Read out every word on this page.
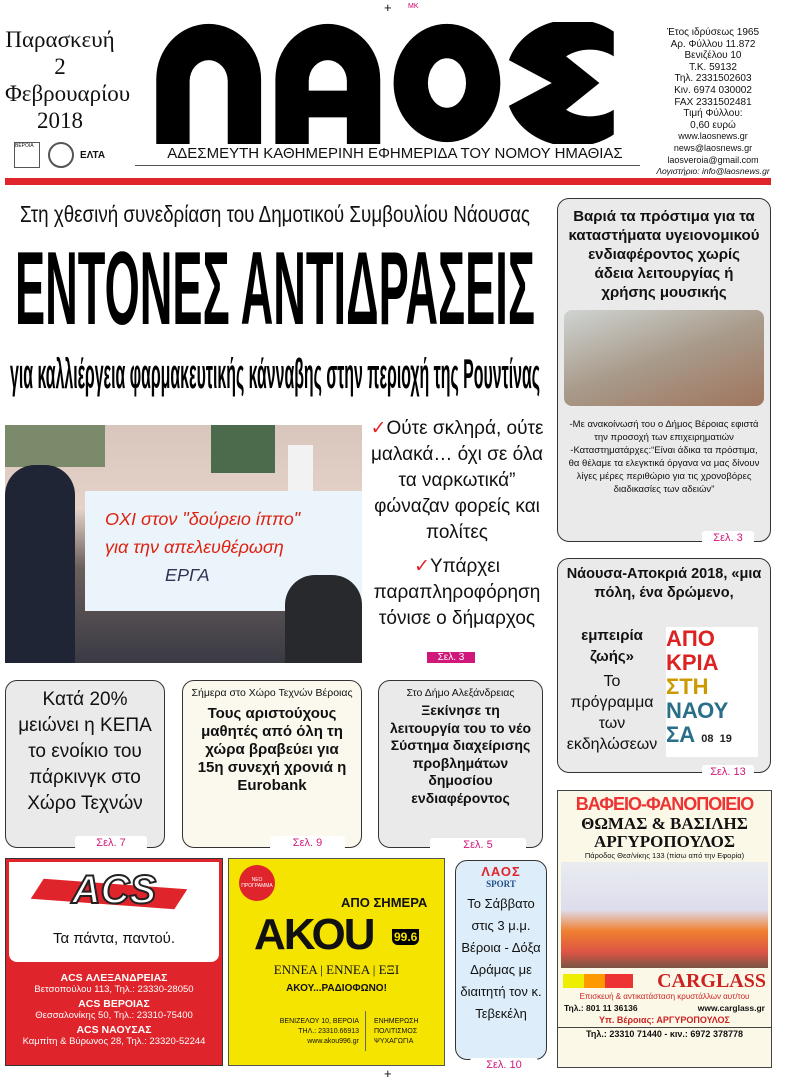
+ MK
Παρασκευή
2
Φεβρουαρίου
2018
ΒΕΡΟΙΑ
ΕΛΤΑ	ΑΔΕΣΜΕΥΤΗ ΚΑΘΗΜΕΡΙΝΗ ΕΦΗΜΕΡΙΔΑ ΤΟΥ ΝΟΜΟΥ ΗΜΑΘΙΑΣ
Έτος ιδρύσεως 1965
Αρ. Φύλλου 11.872
Βενιζέλου 10
Τ.Κ. 59132
Τηλ. 2331502603
Κιν. 6974 030002
FAX 2331502481
Τιμή Φύλλου:
0,60 ευρώ
www.laosnews.gr
news@laosnews.gr
laosveroia@gmail.com
Λογιστήριο: info@laosnews.gr
Στη χθεσινή συνεδρίαση του Δημοτικού Συμβουλίου Νάουσας
ΕΝΤΟΝΕΣ ΑΝΤΙΔΡΑΣΕΙΣ
για καλλιέργεια φαρμακευτικής κάνναβης στην περιοχή της Ρουντίνας
ΟΧΙ στον "δούρειο ίππο"
για την απελευθέρωση
ΕΡΓΑ
✓Ούτε σκληρά, ούτε μαλακά… όχι σε όλα τα ναρκωτικά” φώναζαν φορείς και πολίτες
✓Υπάρχει παραπληροφόρηση τόνισε ο δήμαρχος
Σελ. 3
Βαριά τα πρόστιμα για τα καταστήματα υγειονομικού ενδιαφέροντος χωρίς άδεια λειτουργίας ή χρήσης μουσικής
-Με ανακοίνωσή του ο Δήμος Βέροιας εφιστά την προσοχή των επιχειρηματιών
-Καταστηματάρχες:“Είναι άδικα τα πρόστιμα, θα θέλαμε τα ελεγκτικά όργανα να μας δίνουν λίγες μέρες περιθώριο για τις χρονοβόρες διαδικασίες των αδειών”
Σελ. 3
Νάουσα-Αποκριά 2018, «μια πόλη, ένα δρώμενο,
εμπειρία ζωής»
Το πρόγραμμα των εκδηλώσεων
ΑΠΟ
ΚΡΙΑ
ΣΤΗ
ΝΑΟΥ
ΣΑ 08 19
Σελ. 13
Κατά 20% μειώνει η ΚΕΠΑ το ενοίκιο του πάρκινγκ στο Χώρο Τεχνών
Σελ. 7
Σήμερα στο Χώρο Τεχνών Βέροιας
Τους αριστούχους μαθητές από όλη τη χώρα βραβεύει για 15η συνεχή χρονιά η Eurobank
Σελ. 9
Στο Δήμο Αλεξάνδρειας
Ξεκίνησε τη λειτουργία του το νέο Σύστημα διαχείρισης προβλημάτων δημοσίου ενδιαφέροντος
Σελ. 5
ACS
Τα πάντα, παντού.
ACS ΑΛΕΞΑΝΔΡΕΙΑΣ
Βετσοπούλου 113, Τηλ.: 23330-28050
ACS ΒΕΡΟΙΑΣ
Θεσσαλονίκης 50, Τηλ.: 23310-75400
ACS ΝΑΟΥΣΑΣ
Καμπίτη & Βύρωνος 28, Τηλ.: 23320-52244
ΝΕΟ ΠΡΟΓΡΑΜΜΑ
ΑΠΟ ΣΗΜΕΡΑ
ΑΚΟU 99.6
ΕΝΝΕΑ | ΕΝΝΕΑ | ΕΞΙ
ΑΚΟΥ...ΡΑΔΙΟΦΩΝΟ!
ΒΕΝΙΖΕΛΟΥ 10, ΒΕΡΟΙΑ
ΤΗΛ.: 23310.66913
www.akou996.gr
ΕΝΗΜΕΡΩΣΗ
ΠΟΛΙΤΙΣΜΟΣ
ΨΥΧΑΓΩΓΙΑ
+
ΛΑΟΣ
SPORT
Το Σάββατο στις 3 μ.μ. Βέροια - Δόξα Δράμας με διαιτητή τον κ. Τεβεκέλη
Σελ. 10
ΒΑΦΕΙΟ-ΦΑΝΟΠΟΙΕΙΟ
ΘΩΜΑΣ & ΒΑΣΙΛΗΣ
ΑΡΓΥΡΟΠΟΥΛΟΣ
Πάροδος Θεσ/νίκης 133 (πίσω από την Εφορία)
CARGLASS
Επισκευή & αντικατάσταση κρυστάλλων αυτ/του
Τηλ.: 801 11 36136	www.carglass.gr
Υπ. Βέροιας: ΑΡΓΥΡΟΠΟΥΛΟΣ
Τηλ.: 23310 71440 - κιν.: 6972 378778
